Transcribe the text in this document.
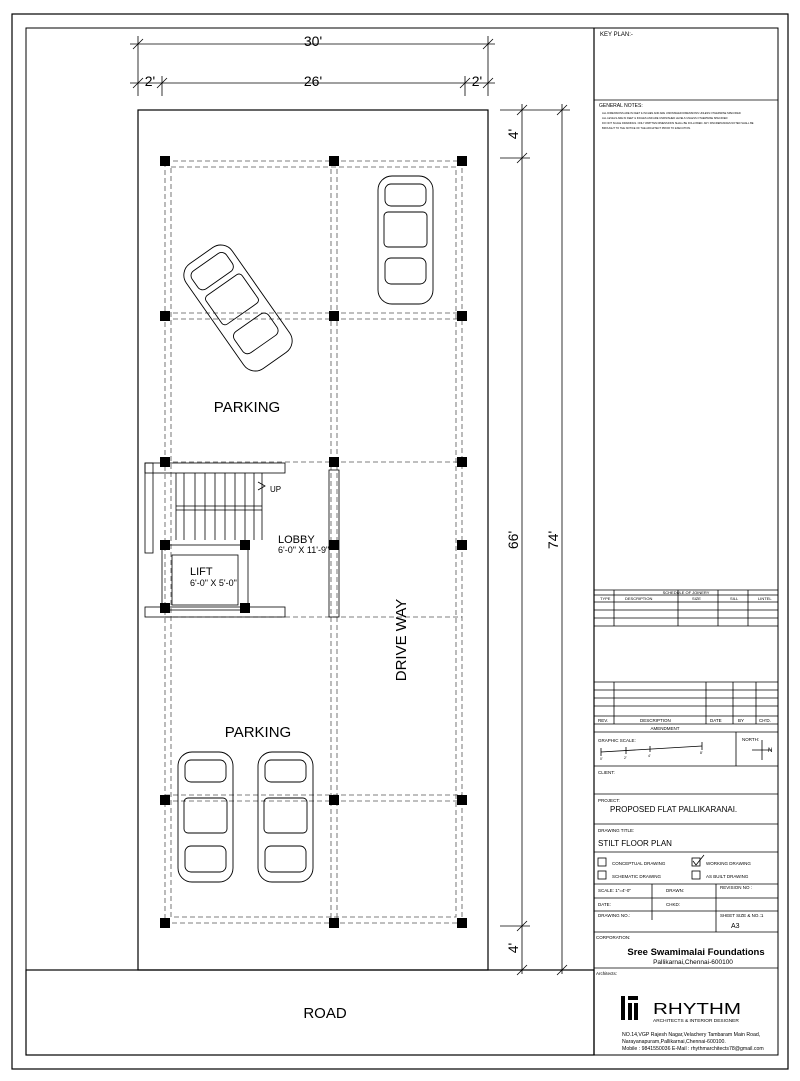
30'
2'	26'	2'
4'
66' 74'
4'
PARKING
PARKING
LOBBY
6'-0" X 11'-9"
LIFT
6'-0" X 5'-0"
UP
DRIVE WAY
ROAD
KEY PLAN:-
GENERAL NOTES:
ALL DIMENSIONS ARE IN FEET & INCHES AND ARE UNFINISHED DIMENSIONS UNLESS OTHERWISE SPECIFIED
ALL LEVELS ARE IN FEET & INCHES AND ARE UNFINISHED LEVELS UNLESS OTHERWISE SPECIFIED
DO NOT SCALE DRAWINGS. ONLY WRITTEN DIMENSIONS SHALL BE FOLLOWED. ANY DISCREPANCIES NOTED SHALL BE
BROUGHT TO THE NOTICE OF THE ARCHITECT PRIOR TO EXECUTION.
SCHEDULE OF JOINERY
TYPE	DESCRIPTION	SIZE	SILL	LINTEL
REV.	DESCRIPTION	DATE	BY	CH'D.
AMENDMENT
GRAPHIC SCALE:
0'	2'	4'
8'
NORTH:
N
CLIENT:
PROJECT:
PROPOSED FLAT PALLIKARANAI.
DRAWING TITLE:
STILT FLOOR PLAN
CONCEPTUAL DRAWING
SCHEMATIC DRAWING
WORKING DRAWING
AS BUILT DRAWING
SCALE: 1"=4'-0"	DRAWN:
REVISION NO :
DATE:	CHKD:
DRAWING NO.:	SHEET SIZE & NO.:1
A3
CORPORATION:
Sree Swamimalai Foundations
Pallikarnai,Chennai-600100
Architects:
RHYTHM
ARCHITECTS & INTERIOR DESIGNER
NO.14,VGP Rajesh Nagar,Velachery Tambaram Main Road,
Narayanapuram,Pallikarnai,Chennai-600100.
Mobile : 9841550036 E-Mail : rhythmarchitects78@gmail.com
